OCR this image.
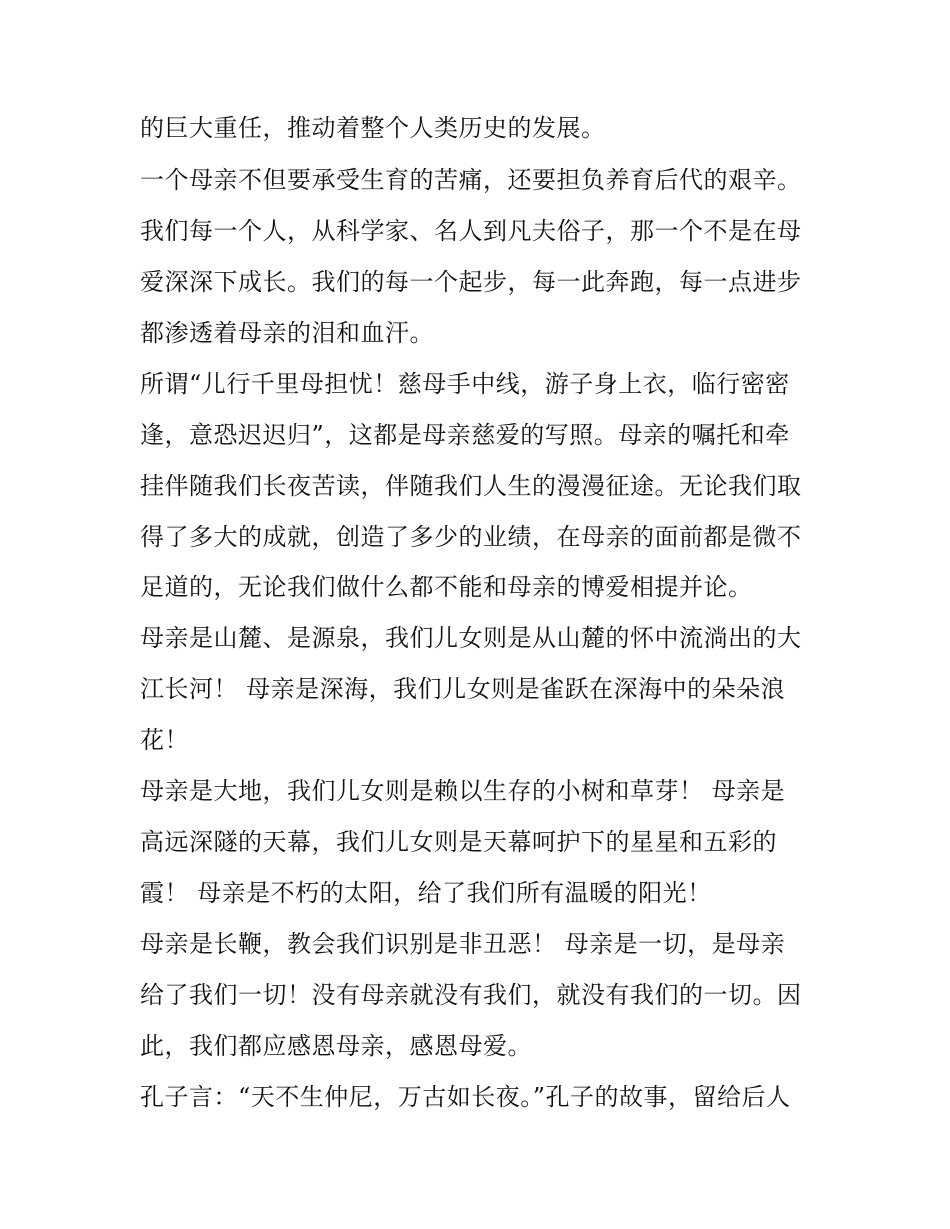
的巨大重任，推动着整个人类历史的发展。
一个母亲不但要承受生育的苦痛，还要担负养育后代的艰辛。
我们每一个人，从科学家、名人到凡夫俗子，那一个不是在母
爱深深下成长。我们的每一个起步，每一此奔跑，每一点进步
都渗透着母亲的泪和血汗。
所谓“儿行千里母担忧！慈母手中线，游子身上衣，临行密密
逢，意恐迟迟归”，这都是母亲慈爱的写照。母亲的嘱托和牵
挂伴随我们长夜苦读，伴随我们人生的漫漫征途。无论我们取
得了多大的成就，创造了多少的业绩，在母亲的面前都是微不
足道的，无论我们做什么都不能和母亲的博爱相提并论。
母亲是山麓、是源泉，我们儿女则是从山麓的怀中流淌出的大
江长河！ 母亲是深海，我们儿女则是雀跃在深海中的朵朵浪
花！
母亲是大地，我们儿女则是赖以生存的小树和草芽！ 母亲是
高远深隧的天幕，我们儿女则是天幕呵护下的星星和五彩的
霞！ 母亲是不朽的太阳，给了我们所有温暖的阳光！
母亲是长鞭，教会我们识别是非丑恶！ 母亲是一切，是母亲
给了我们一切！没有母亲就没有我们，就没有我们的一切。因
此，我们都应感恩母亲，感恩母爱。
孔子言：“天不生仲尼，万古如长夜。”孔子的故事，留给后人
